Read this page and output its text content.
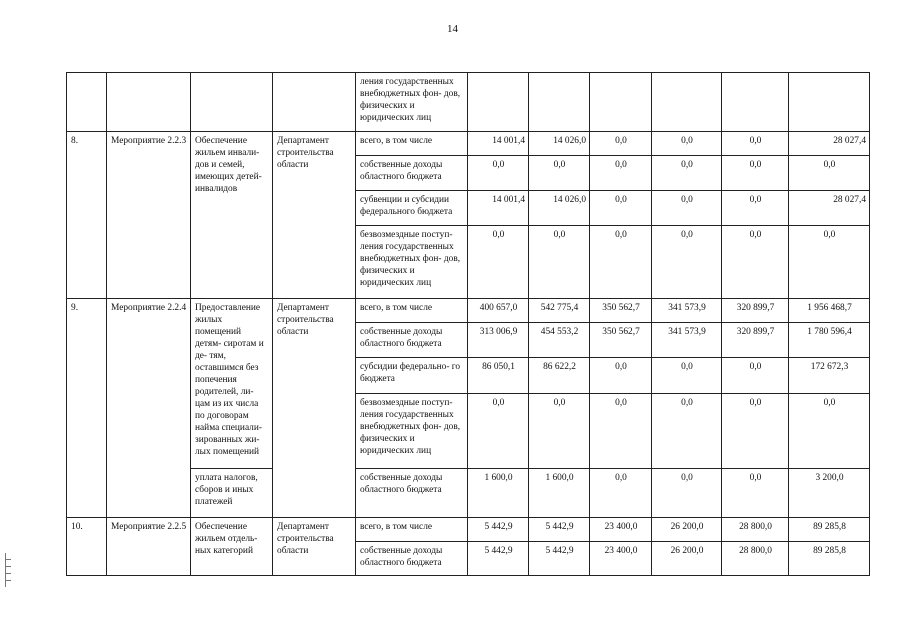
14
				ления государственных внебюджетных фон- дов, физических и юридических лиц						
8.	Мероприятие 2.2.3	Обеспечение жильем инвали- дов и семей, имеющих детей- инвалидов	Департамент строительства области	всего, в том числе	14 001,4	14 026,0	0,0	0,0	0,0	28 027,4
				собственные доходы областного бюджета	0,0	0,0	0,0	0,0	0,0	0,0
				субвенции и субсидии федерального бюджета	14 001,4	14 026,0	0,0	0,0	0,0	28 027,4
				безвозмездные поступ- ления государственных внебюджетных фон- дов, физических и юридических лиц	0,0	0,0	0,0	0,0	0,0	0,0
9.	Мероприятие 2.2.4	Предоставление жилых помещений детям- сиротам и де- тям, оставшимся без попечения родителей, ли- цам из их числа по договорам найма специали- зированных жи- лых помещений	Департамент строительства области	всего, в том числе	400 657,0	542 775,4	350 562,7	341 573,9	320 899,7	1 956 468,7
				собственные доходы областного бюджета	313 006,9	454 553,2	350 562,7	341 573,9	320 899,7	1 780 596,4
				субсидии федерально- го бюджета	86 050,1	86 622,2	0,0	0,0	0,0	172 672,3
				безвозмездные поступ- ления государственных внебюджетных фон- дов, физических и юридических лиц	0,0	0,0	0,0	0,0	0,0	0,0
		уплата налогов, сборов и иных платежей		собственные доходы областного бюджета	1 600,0	1 600,0	0,0	0,0	0,0	3 200,0
10.	Мероприятие 2.2.5	Обеспечение жильем отдель- ных категорий	Департамент строительства области	всего, в том числе	5 442,9	5 442,9	23 400,0	26 200,0	28 800,0	89 285,8
				собственные доходы областного бюджета	5 442,9	5 442,9	23 400,0	26 200,0	28 800,0	89 285,8
